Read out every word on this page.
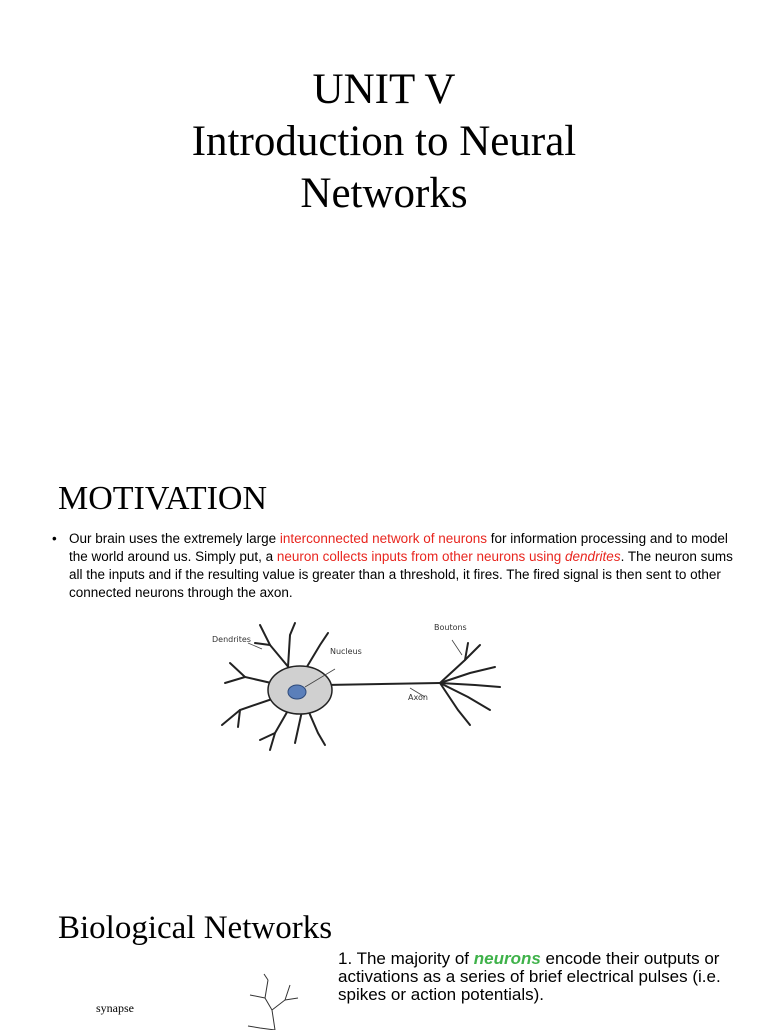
UNIT V
Introduction to Neural
Networks
MOTIVATION
• Our brain uses the extremely large interconnected network of neurons for information processing and to model the world around us. Simply put, a neuron collects inputs from other neurons using dendrites. The neuron sums all the inputs and if the resulting value is greater than a threshold, it fires. The fired signal is then sent to other connected neurons through the axon.
Dendrites
Nucleus
Boutons
Axon
Biological Networks
1. The majority of neurons encode their outputs or activations as a series of brief electrical pulses (i.e. spikes or action potentials).
synapse
